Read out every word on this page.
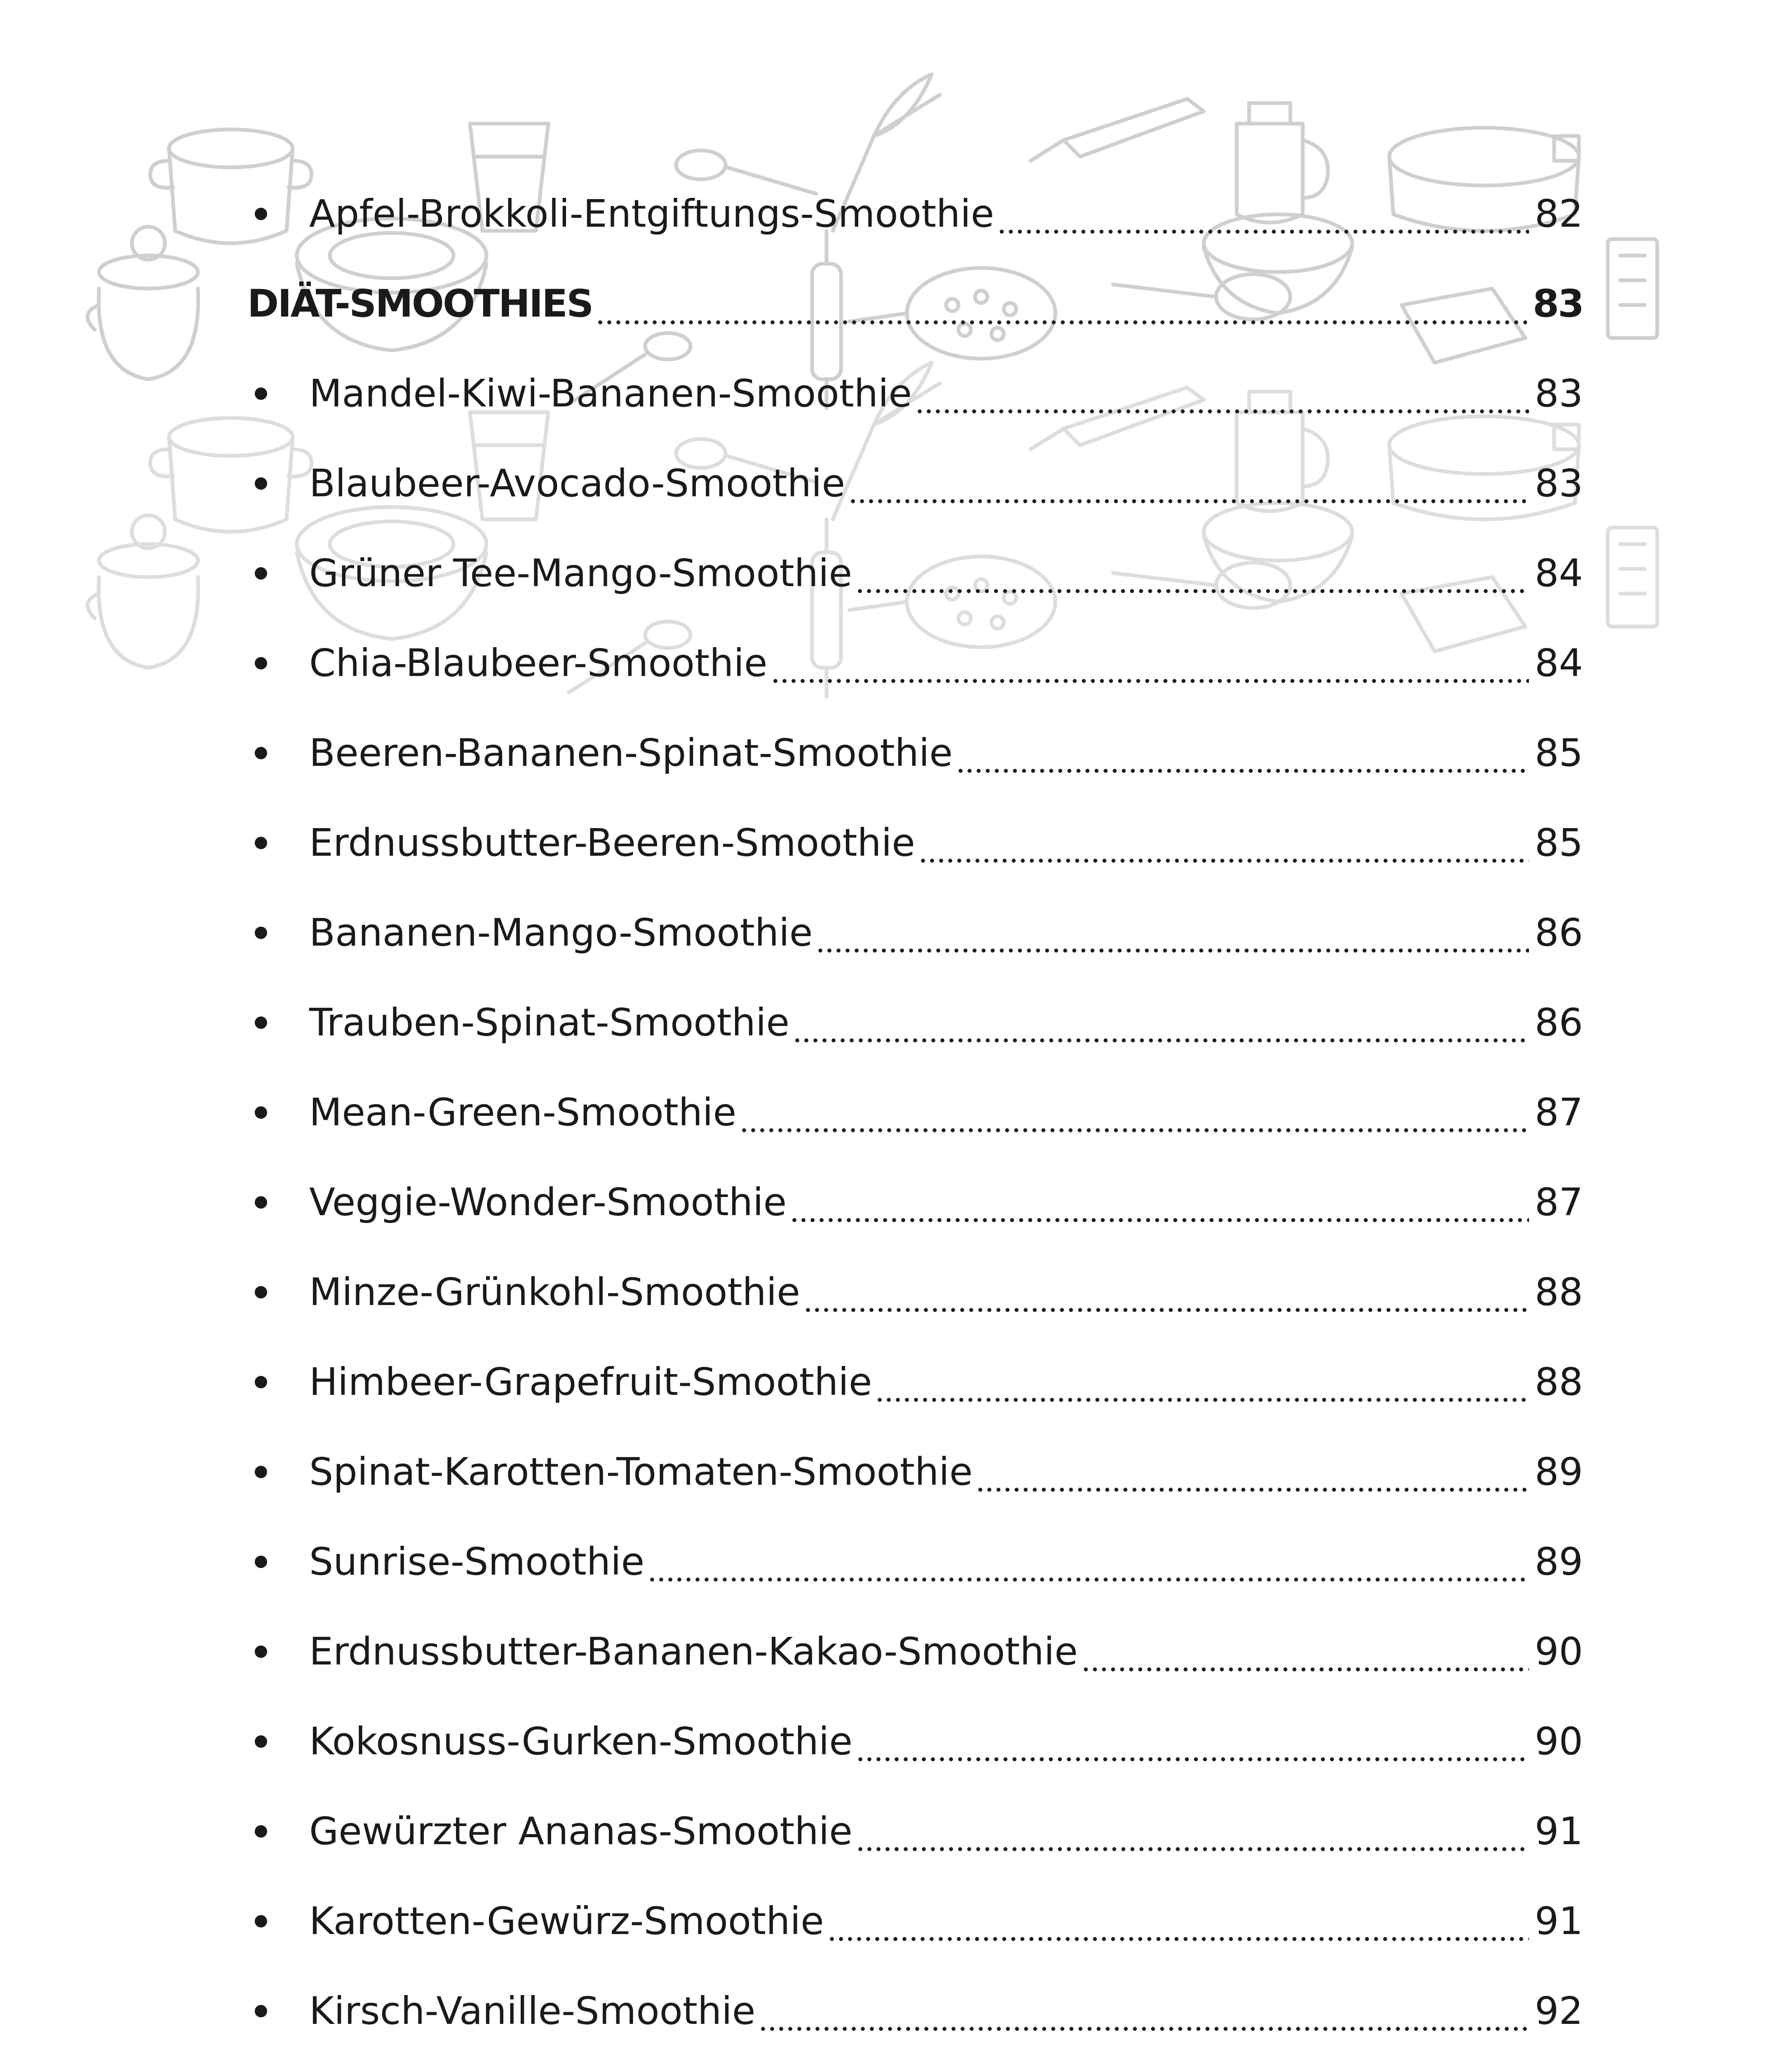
Apfel-Brokkoli-Entgiftungs-Smoothie	82
DIÄT-SMOOTHIES	83
Mandel-Kiwi-Bananen-Smoothie	83
Blaubeer-Avocado-Smoothie	83
Grüner Tee-Mango-Smoothie	84
Chia-Blaubeer-Smoothie	84
Beeren-Bananen-Spinat-Smoothie	85
Erdnussbutter-Beeren-Smoothie	85
Bananen-Mango-Smoothie	86
Trauben-Spinat-Smoothie	86
Mean-Green-Smoothie	87
Veggie-Wonder-Smoothie	87
Minze-Grünkohl-Smoothie	88
Himbeer-Grapefruit-Smoothie	88
Spinat-Karotten-Tomaten-Smoothie	89
Sunrise-Smoothie	89
Erdnussbutter-Bananen-Kakao-Smoothie	90
Kokosnuss-Gurken-Smoothie	90
Gewürzter Ananas-Smoothie	91
Karotten-Gewürz-Smoothie	91
Kirsch-Vanille-Smoothie	92
